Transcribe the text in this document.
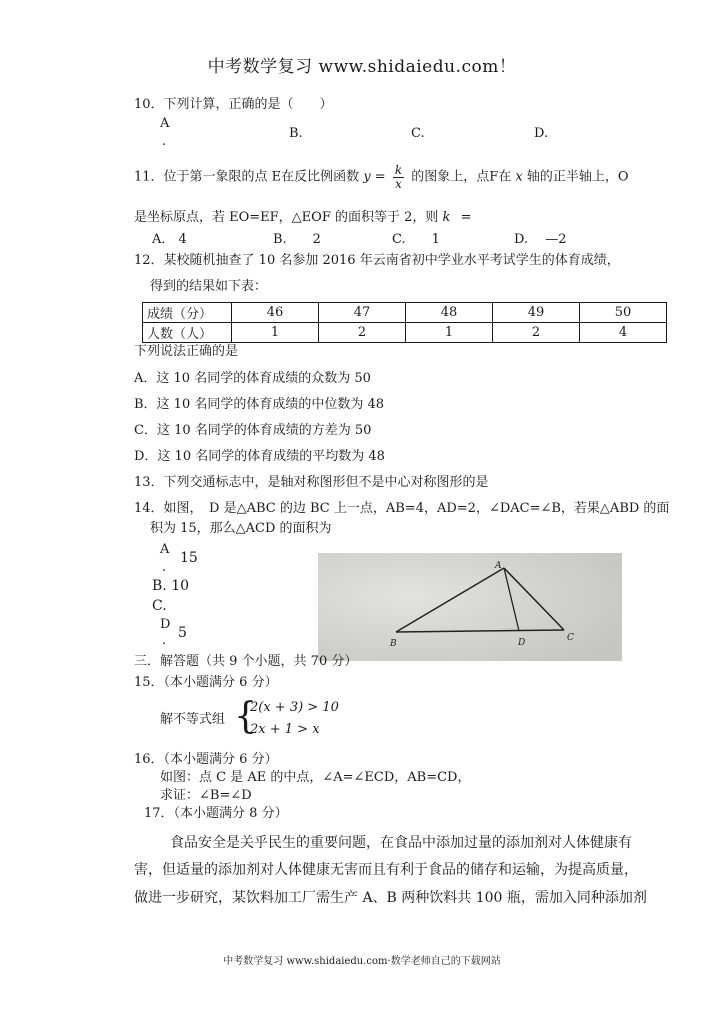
中考数学复习 www.shidaiedu.com！
10．下列计算，正确的是（　　）
A
.
B.	C.	D.
11．位于第一象限的点 E在反比例函数 $y = \frac{k}{x}$ 的图象上，点F在 x 轴的正半轴上，O
是坐标原点，若 EO=EF，△EOF 的面积等于 2，则 k =
A． 4	B.　　2	C.　　1	D.　 —2
12．某校随机抽查了 10 名参加 2016 年云南省初中学业水平考试学生的体育成绩，
得到的结果如下表：
成绩（分）	46	47	48	49	50
人数（人）	1	2	1	2	4
下列说法正确的是
A．这 10 名同学的体育成绩的众数为 50
B．这 10 名同学的体育成绩的中位数为 48
C．这 10 名同学的体育成绩的方差为 50
D．这 10 名同学的体育成绩的平均数为 48
13．下列交通标志中，是轴对称图形但不是中心对称图形的是
14．如图，　D 是△ABC 的边 BC 上一点，AB=4，AD=2，∠DAC=∠B，若果△ABD 的面
积为 15，那么△ACD 的面积为
A
15
.
B. 10
C.
D
5
.
A
B	D	C
三．解答题（共 9 个小题，共 70 分）
15．（本小题满分 6 分）
解不等式组 {
2(x + 3) > 10
2x + 1 > x
16．（本小题满分 6 分）
如图：点 C 是 AE 的中点，∠A=∠ECD，AB=CD，
求证：∠B=∠D
17．（本小题满分 8 分）
食品安全是关乎民生的重要问题，在食品中添加过量的添加剂对人体健康有
害，但适量的添加剂对人体健康无害而且有利于食品的储存和运输，为提高质量，
做进一步研究，某饮料加工厂需生产 A、B 两种饮料共 100 瓶，需加入同种添加剂
中考数学复习 www.shidaiedu.com·数学老师自己的下载网站
